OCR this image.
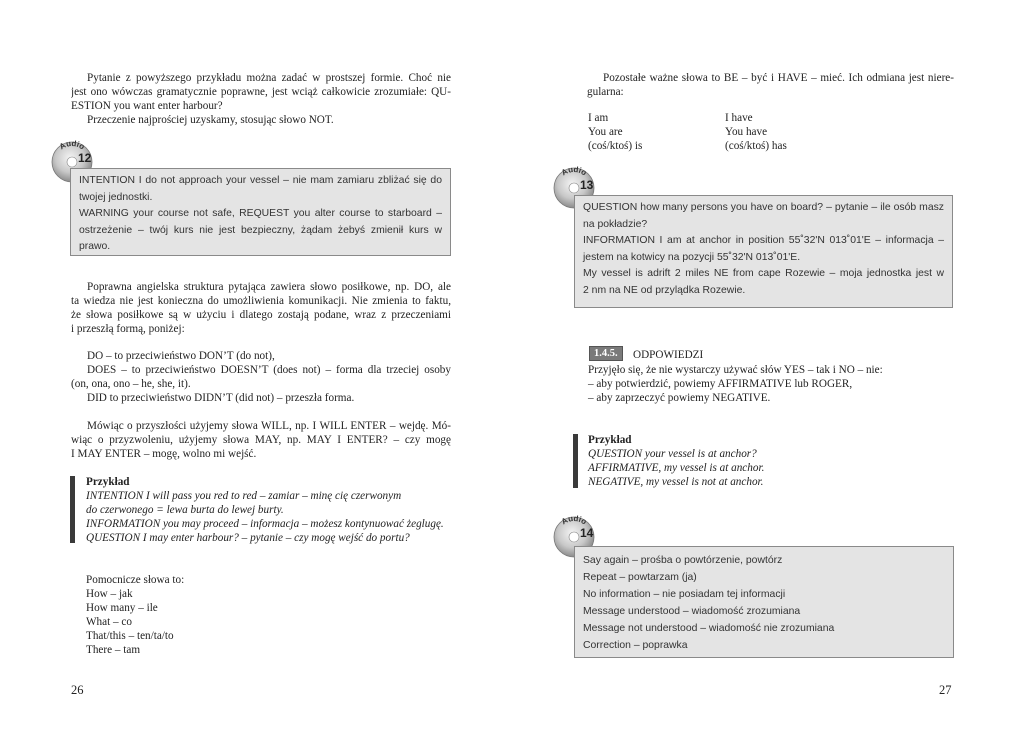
Pytanie z powyższego przykładu można zadać w prostszej formie. Choć nie
jest ono wówczas gramatycznie poprawne, jest wciąż całkowicie zrozumiałe: QU-
ESTION you want enter harbour?
Przeczenie najprościej uzyskamy, stosując słowo NOT.
Audio
12
INTENTION I do not approach your vessel – nie mam zamiaru zbliżać się do
twojej jednostki.
WARNING your course not safe, REQUEST you alter course to starboard –
ostrzeżenie – twój kurs nie jest bezpieczny, żądam żebyś zmienił kurs w
prawo.
Poprawna angielska struktura pytająca zawiera słowo posiłkowe, np. DO, ale
ta wiedza nie jest konieczna do umożliwienia komunikacji. Nie zmienia to faktu,
że słowa posiłkowe są w użyciu i dlatego zostają podane, wraz z przeczeniami
i przeszłą formą, poniżej:
DO – to przeciwieństwo DON’T (do not),
DOES – to przeciwieństwo DOESN’T (does not) – forma dla trzeciej osoby
(on, ona, ono – he, she, it).
DID to przeciwieństwo DIDN’T (did not) – przeszła forma.
Mówiąc o przyszłości użyjemy słowa WILL, np. I WILL ENTER – wejdę. Mó-
wiąc o przyzwoleniu, użyjemy słowa MAY, np. MAY I ENTER? – czy mogę
I MAY ENTER – mogę, wolno mi wejść.
Przykład
INTENTION I will pass you red to red – zamiar – minę cię czerwonym
do czerwonego = lewa burta do lewej burty.
INFORMATION you may proceed – informacja – możesz kontynuować żeglugę.
QUESTION I may enter harbour? – pytanie – czy mogę wejść do portu?
Pomocnicze słowa to:
How – jak
How many – ile
What – co
That/this – ten/ta/to
There – tam
26
Pozostałe ważne słowa to BE – być i HAVE – mieć. Ich odmiana jest niere-
gularna:
I am
You are
(coś/ktoś) is
I have
You have
(coś/ktoś) has
Audio
13
QUESTION how many persons you have on board? – pytanie – ile osób masz
na pokładzie?
INFORMATION I am at anchor in position 55˚32'N 013˚01'E – informacja –
jestem na kotwicy na pozycji 55˚32'N 013˚01'E.
My vessel is adrift 2 miles NE from cape Rozewie – moja jednostka jest w
2 nm na NE od przylądka Rozewie.
1.4.5.	ODPOWIEDZI
Przyjęło się, że nie wystarczy używać słów YES – tak i NO – nie:
– aby potwierdzić, powiemy AFFIRMATIVE lub ROGER,
– aby zaprzeczyć powiemy NEGATIVE.
Przykład
QUESTION your vessel is at anchor?
AFFIRMATIVE, my vessel is at anchor.
NEGATIVE, my vessel is not at anchor.
Audio
14
Say again – prośba o powtórzenie, powtórz
Repeat – powtarzam (ja)
No information – nie posiadam tej informacji
Message understood – wiadomość zrozumiana
Message not understood – wiadomość nie zrozumiana
Correction – poprawka
27
